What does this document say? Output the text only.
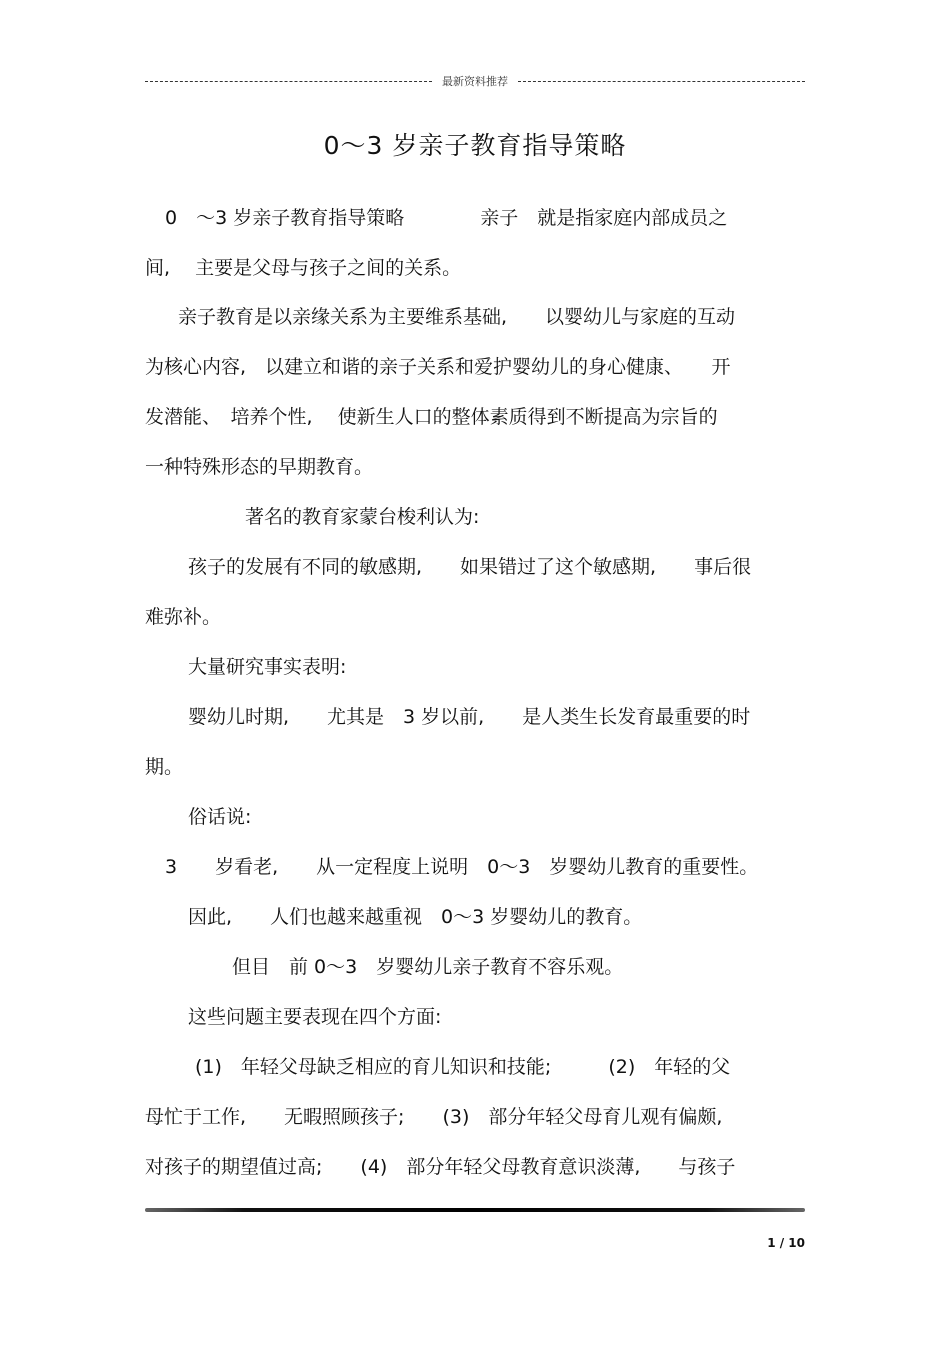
最新资料推荐
0～3 岁亲子教育指导策略
0　～3 岁亲子教育指导策略　　　　亲子　就是指家庭内部成员之
间,　 主要是父母与孩子之间的关系。
亲子教育是以亲缘关系为主要维系基础,　　以婴幼儿与家庭的互动
为核心内容,　以建立和谐的亲子关系和爱护婴幼儿的身心健康、　　开
发潜能、　培养个性,　 使新生人口的整体素质得到不断提高为宗旨的
一种特殊形态的早期教育。
著名的教育家蒙台梭利认为:
孩子的发展有不同的敏感期,　　如果错过了这个敏感期,　　事后很
难弥补。
大量研究事实表明:
婴幼儿时期,　　尤其是　3 岁以前,　　是人类生长发育最重要的时
期。
俗话说:
3　　岁看老,　　从一定程度上说明　0～3　岁婴幼儿教育的重要性。
因此,　　人们也越来越重视　0～3 岁婴幼儿的教育。
但目　前 0～3　岁婴幼儿亲子教育不容乐观。
这些问题主要表现在四个方面:
(1)　年轻父母缺乏相应的育儿知识和技能;　　　(2)　年轻的父
母忙于工作,　　无暇照顾孩子;　　(3)　部分年轻父母育儿观有偏颇,
对孩子的期望值过高;　　(4)　部分年轻父母教育意识淡薄,　　与孩子
1 / 10
